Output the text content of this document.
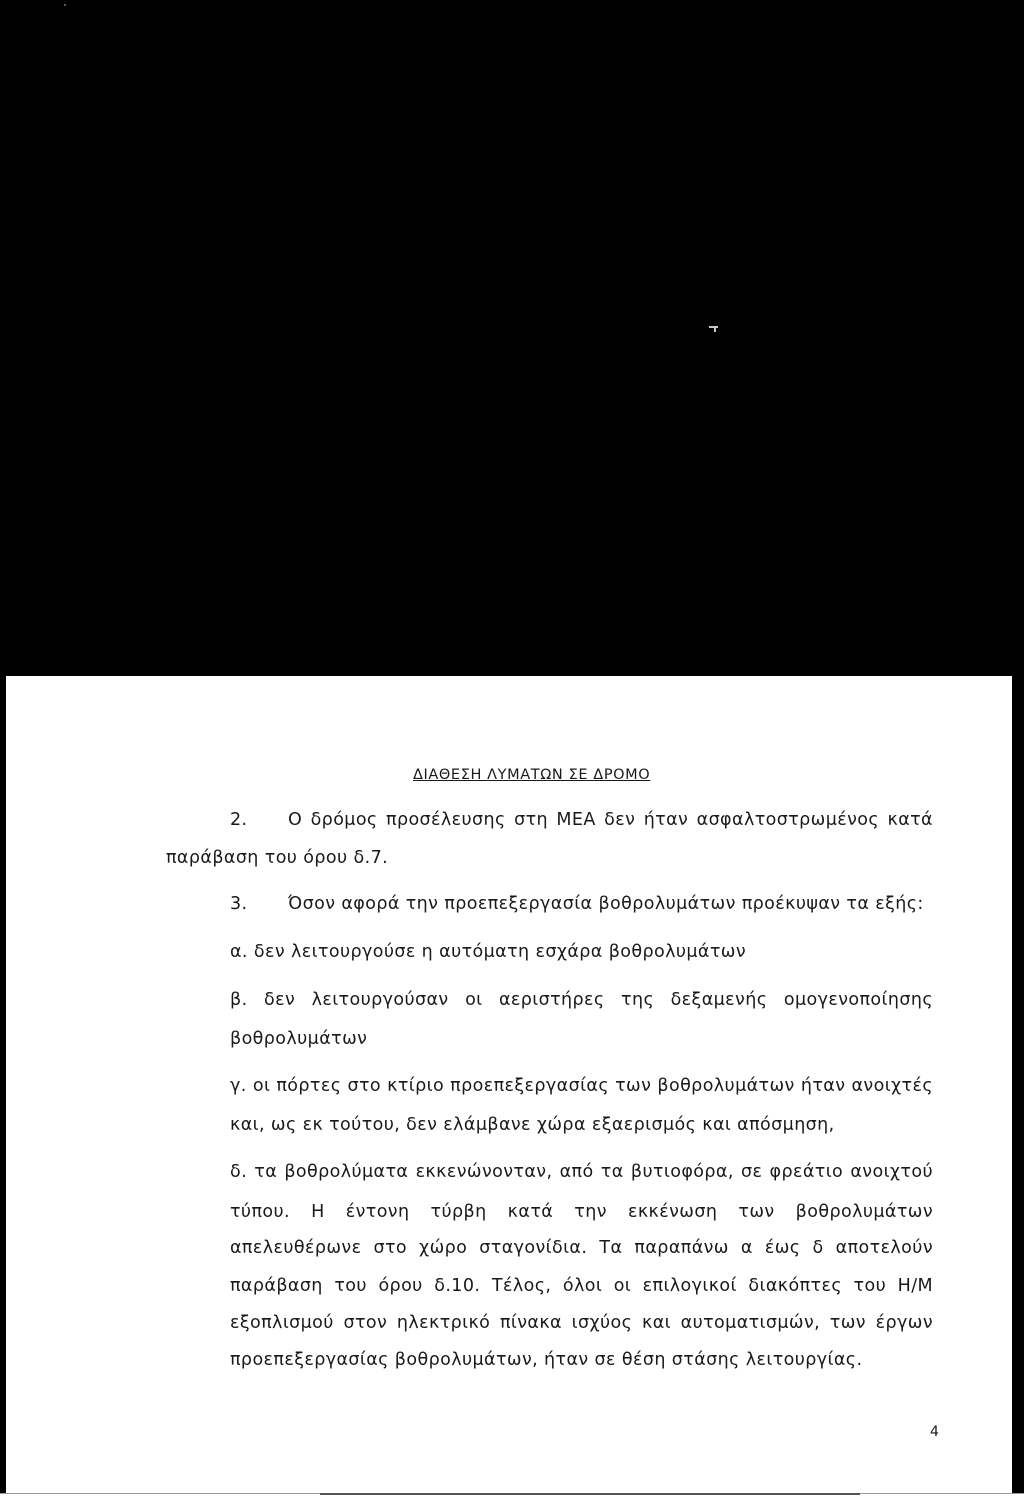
ΔΙΑΘΕΣΗ ΛΥΜΑΤΩΝ ΣΕ ΔΡΟΜΟ
2. Ο δρόμος προσέλευσης στη ΜΕΑ δεν ήταν ασφαλτοστρωμένος κατά
παράβαση του όρου δ.7.
3. Όσον αφορά την προεπεξεργασία βοθρολυμάτων προέκυψαν τα εξής:
α. δεν λειτουργούσε η αυτόματη εσχάρα βοθρολυμάτων
β. δεν λειτουργούσαν οι αεριστήρες της δεξαμενής ομογενοποίησης
βοθρολυμάτων
γ. οι πόρτες στο κτίριο προεπεξεργασίας των βοθρολυμάτων ήταν ανοιχτές
και, ως εκ τούτου, δεν ελάμβανε χώρα εξαερισμός και απόσμηση,
δ. τα βοθρολύματα εκκενώνονταν, από τα βυτιοφόρα, σε φρεάτιο ανοιχτού
τύπου. Η έντονη τύρβη κατά την εκκένωση των βοθρολυμάτων
απελευθέρωνε στο χώρο σταγονίδια. Τα παραπάνω α έως δ αποτελούν
παράβαση του όρου δ.10. Τέλος, όλοι οι επιλογικοί διακόπτες του Η/Μ
εξοπλισμού στον ηλεκτρικό πίνακα ισχύος και αυτοματισμών, των έργων
προεπεξεργασίας βοθρολυμάτων, ήταν σε θέση στάσης λειτουργίας.
4
